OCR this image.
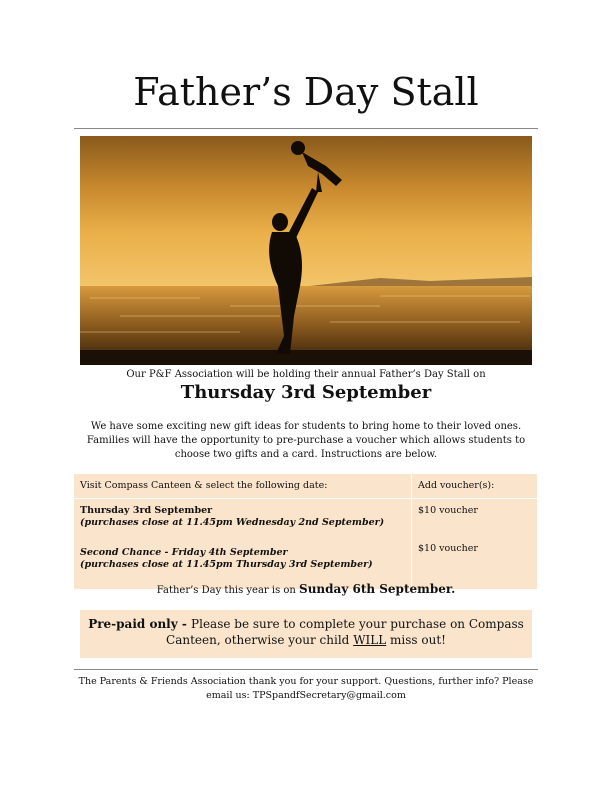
Father’s Day Stall
Our P&F Association will be holding their annual Father’s Day Stall on
Thursday 3rd September
We have some exciting new gift ideas for students to bring home to their loved ones. Families will have the opportunity to pre-purchase a voucher which allows students to choose two gifts and a card. Instructions are below.
Visit Compass Canteen & select the following date:	Add voucher(s):
Thursday 3rd September
(purchases close at 11.45pm Wednesday 2nd September)
Second Chance - Friday 4th September
(purchases close at 11.45pm Thursday 3rd September)
$10 voucher
$10 voucher
Father’s Day this year is on Sunday 6th September.
Pre-paid only - Please be sure to complete your purchase on Compass Canteen, otherwise your child WILL miss out!
The Parents & Friends Association thank you for your support. Questions, further info? Please email us: TPSpandfSecretary@gmail.com
